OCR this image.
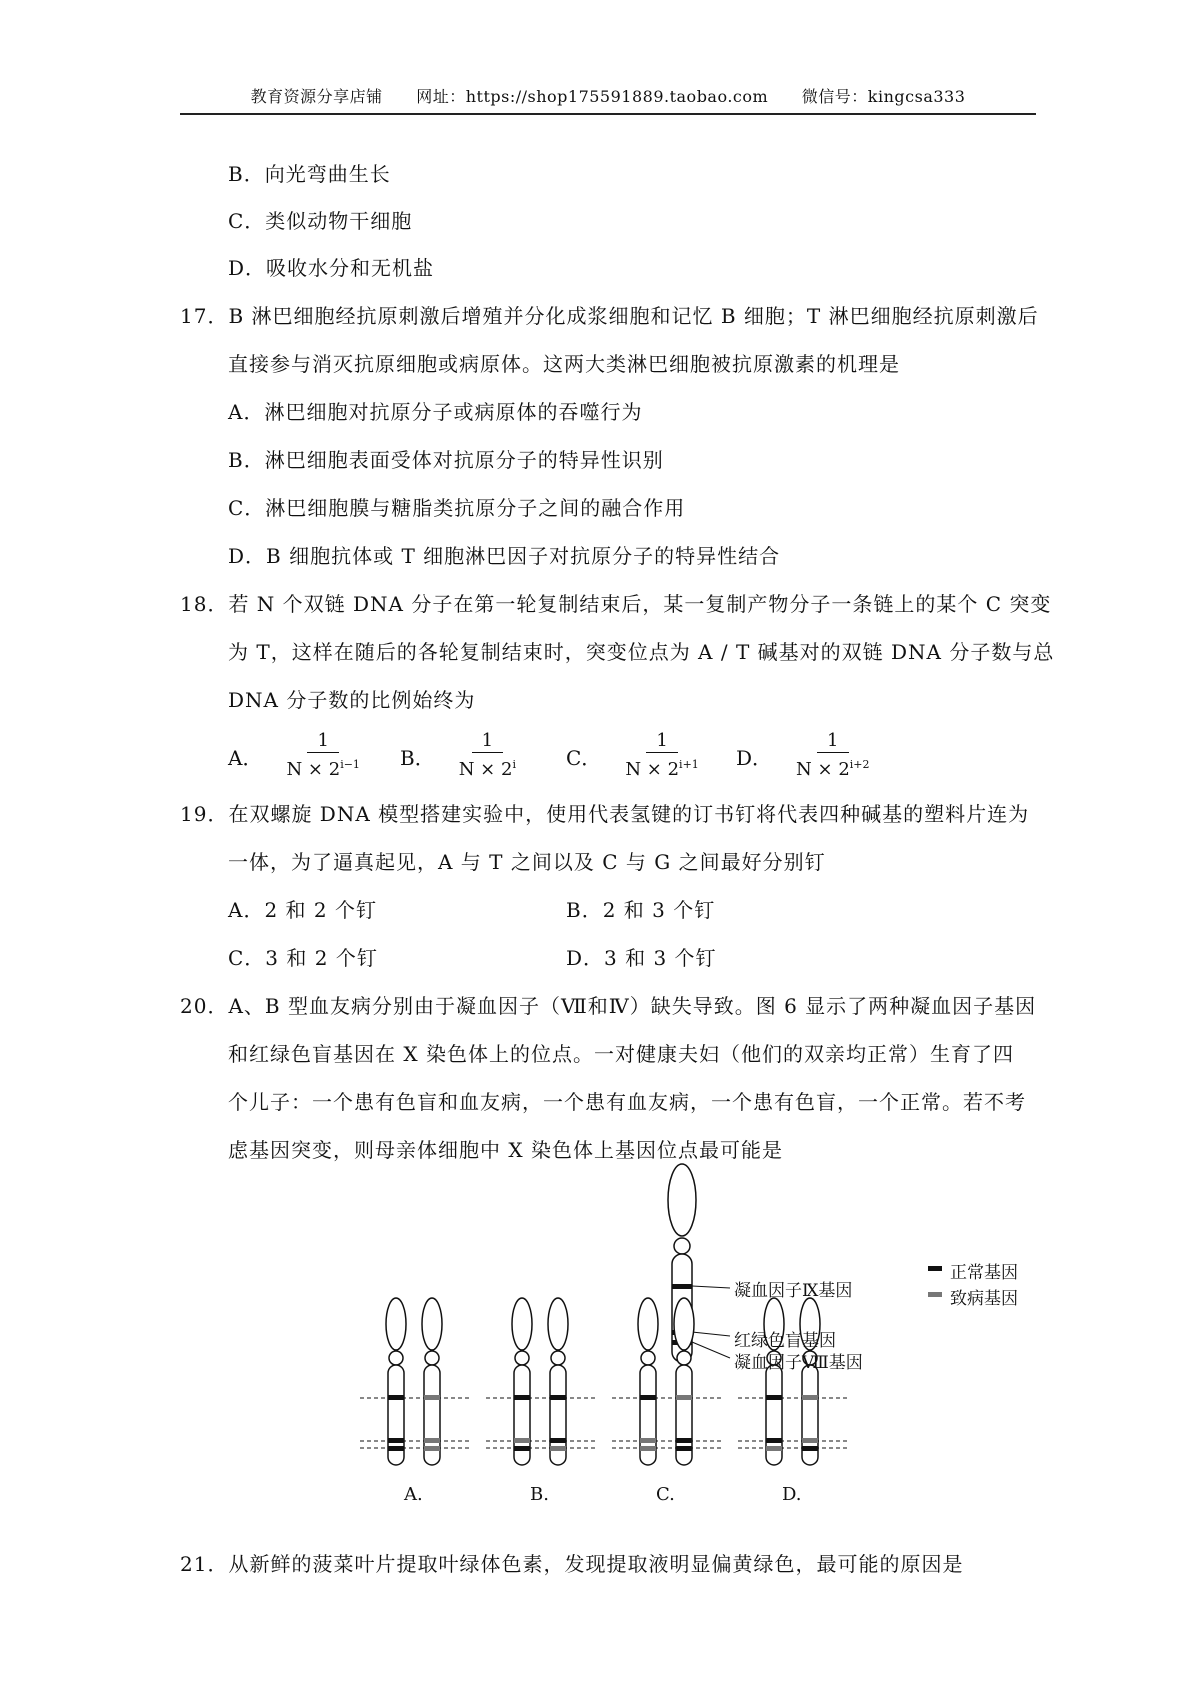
教育资源分享店铺 网址：https://shop175591889.taobao.com 微信号：kingcsa333
B．向光弯曲生长
C．类似动物干细胞
D．吸收水分和无机盐
17．B 淋巴细胞经抗原刺激后增殖并分化成浆细胞和记忆 B 细胞；T 淋巴细胞经抗原刺激后
直接参与消灭抗原细胞或病原体。这两大类淋巴细胞被抗原激素的机理是
A．淋巴细胞对抗原分子或病原体的吞噬行为
B．淋巴细胞表面受体对抗原分子的特异性识别
C．淋巴细胞膜与糖脂类抗原分子之间的融合作用
D．B 细胞抗体或 T 细胞淋巴因子对抗原分子的特异性结合
18．若 N 个双链 DNA 分子在第一轮复制结束后，某一复制产物分子一条链上的某个 C 突变
为 T，这样在随后的各轮复制结束时，突变位点为 A / T 碱基对的双链 DNA 分子数与总
DNA 分子数的比例始终为
A． $\frac{1}{N \times 2^{i-1}}$ B． $\frac{1}{N \times 2^i}$ C． $\frac{1}{N \times 2^{i+1}}$ D． $\frac{1}{N \times 2^{i+2}}$
19．在双螺旋 DNA 模型搭建实验中，使用代表氢键的订书钉将代表四种碱基的塑料片连为
一体，为了逼真起见，A 与 T 之间以及 C 与 G 之间最好分别钉
A．2 和 2 个钉	B．2 和 3 个钉
C．3 和 2 个钉	D．3 和 3 个钉
20．A、B 型血友病分别由于凝血因子（Ⅶ和Ⅳ）缺失导致。图 6 显示了两种凝血因子基因
和红绿色盲基因在 X 染色体上的位点。一对健康夫妇（他们的双亲均正常）生育了四
个儿子：一个患有色盲和血友病，一个患有血友病，一个患有色盲，一个正常。若不考
虑基因突变，则母亲体细胞中 X 染色体上基因位点最可能是
凝血因子Ⅸ基因
红绿色盲基因
凝血因子Ⅷ基因
正常基因
致病基因
A.	B.	C.	D.
21．从新鲜的菠菜叶片提取叶绿体色素，发现提取液明显偏黄绿色，最可能的原因是
